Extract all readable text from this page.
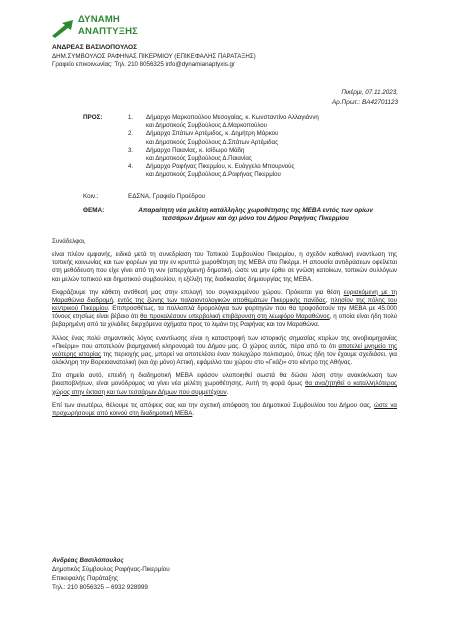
ΔΥΝΑΜΗ
ΑΝΑΠΤΥΞΗΣ
ΑΝΔΡΕΑΣ ΒΑΣΙΛΟΠΟΥΛΟΣ
ΔΗΜ.ΣΥΜΒΟΥΛΟΣ ΡΑΦΗΝΑΣ ΠΙΚΕΡΜΙΟΥ (ΕΠΙΚΕΦΑΛΗΣ ΠΑΡΑΤΑΞΗΣ)
Γραφείο επικοινωνίας: Τηλ. 210 8056325 info@dynamianaptyxis.gr
Πικέρμι, 07.11.2023,
Αρ.Πρωτ.: ΒΑ42701123
ΠΡΟΣ:	1. Δήμαρχο Μαρκοπούλου Μεσογαίας, κ. Κωνσταντίνο Αλλαγιάννη
και Δημοτικούς Συμβούλους Δ.Μαρκοπούλου
2. Δήμαρχο Σπάτων Αρτέμιδος, κ. Δημήτρη Μάρκου
και Δημοτικούς Συμβούλους Δ.Σπάτων Αρτέμιδας
3. Δήμαρχο Παιανίας, κ. Ισίδωρο Μάδη
και Δημοτικούς Συμβούλους Δ.Παιανίας
4. Δήμαρχο Ραφήνας Πικερμίου, κ. Ευάγγελο Μπουρνούς
και Δημοτικούς Συμβούλους Δ.Ραφήνας Πικερμίου
Κοιν.:	ΕΔΣΝΑ, Γραφείο Προέδρου
ΘΕΜΑ:	Απαραίτητη νέα μελέτη κατάλληλης χωροθέτησης της ΜΕΒΑ εντός των ορίων τεσσάρων Δήμων και όχι μόνο του Δήμου Ραφήνας Πικερμίου

Συνάδελφοι,

είναι πλέον εμφανής, ειδικά μετά τη συνεδρίαση του Τοπικού Συμβουλίου Πικερμίου, η σχεδόν καθολική εναντίωση της τοπικής κοινωνίας και των φορέων για την εν κρυπτώ χωροθέτηση της ΜΕΒΑ στο Πικέρμι. Η απουσία αντιδράσεων οφείλεται στη μεθόδευση που είχε γίνει από τη νυν (απερχόμενη) δημοτική, ώστε να μην έρθει σε γνώση κατοίκων, τοπικών συλλόγων και μελών τοπικού και δημοτικού συμβουλίου, η εξέλιξη της διαδικασίας δημιουργίας της ΜΕΒΑ.

Εκφράζουμε την κάθετη αντίθεσή μας στην επιλογή του συγκεκριμένου χώρου. Πρόκειται για θέση ευρισκόμενη με τη Μαραθώνια διαδρομή, εντός της ζώνης των παλαιοντολογικών αποθεμάτων Πικερμικής πανίδας, πλησίον της πόλης του κεντρικού Πικερμίου. Επιπροσθέτως, τα πολλαπλά δρομολόγια των φορτηγών που θα τροφοδοτούν την ΜΕΒΑ με 45.000 τόνους ετησίως είναι βέβαιο ότι θα προκαλέσουν υπερβολική επιβάρυνση στη λεωφόρο Μαραθώνος, η οποία είναι ήδη πολύ βεβαρημένη από τα χιλιάδες διερχόμενα οχήματα προς το λιμάνι της Ραφήνας και τον Μαραθώνα.

Άλλος ένας πολύ σημαντικός λόγος εναντίωσης είναι η καταστροφή των ιστορικής σημασίας κτιρίων της οινοβιομηχανίας «Πικέρμι» που αποτελούν βιομηχανική κληρονομιά του Δήμου μας. Ο χώρος αυτός, πέρα από το ότι αποτελεί μνημείο της νεότερης ιστορίας της περιοχής μας, μπορεί να αποτελέσει έναν πολυχώρο πολιτισμού, όπως ήδη τον έχουμε σχεδιάσει, για ολόκληρη την Βορειοανατολική (και όχι μόνο) Αττική, εφάμιλλο του χώρου στο «Γκάζι» στο κέντρο της Αθήνας.

Στο σημείο αυτό, επειδή η διαδημοτική ΜΕΒΑ εφόσον υλοποιηθεί σωστά θα δώσει λύση στην ανακύκλωση των βιοαποβλήτων, είναι μονόδρομος να γίνει νέα μελέτη χωροθέτησης. Αυτή τη φορά όμως θα αναζητηθεί ο καταλληλότερος χώρος στην έκταση και των τεσσάρων Δήμων που συμμετέχουν.

Επί των ανωτέρω, θέλουμε τις απόψεις σας και την σχετική απόφαση του Δημοτικού Συμβουλίου του Δήμου σας, ώστε να προχωρήσουμε από κοινού στη διαδημοτική ΜΕΒΑ.

Ανδρέας Βασιλόπουλος
Δημοτικός Σύμβουλος Ραφήνας-Πικερμίου
Επικεφαλής Παράταξης
Τηλ.: 210 8056325 – 6932 928999
